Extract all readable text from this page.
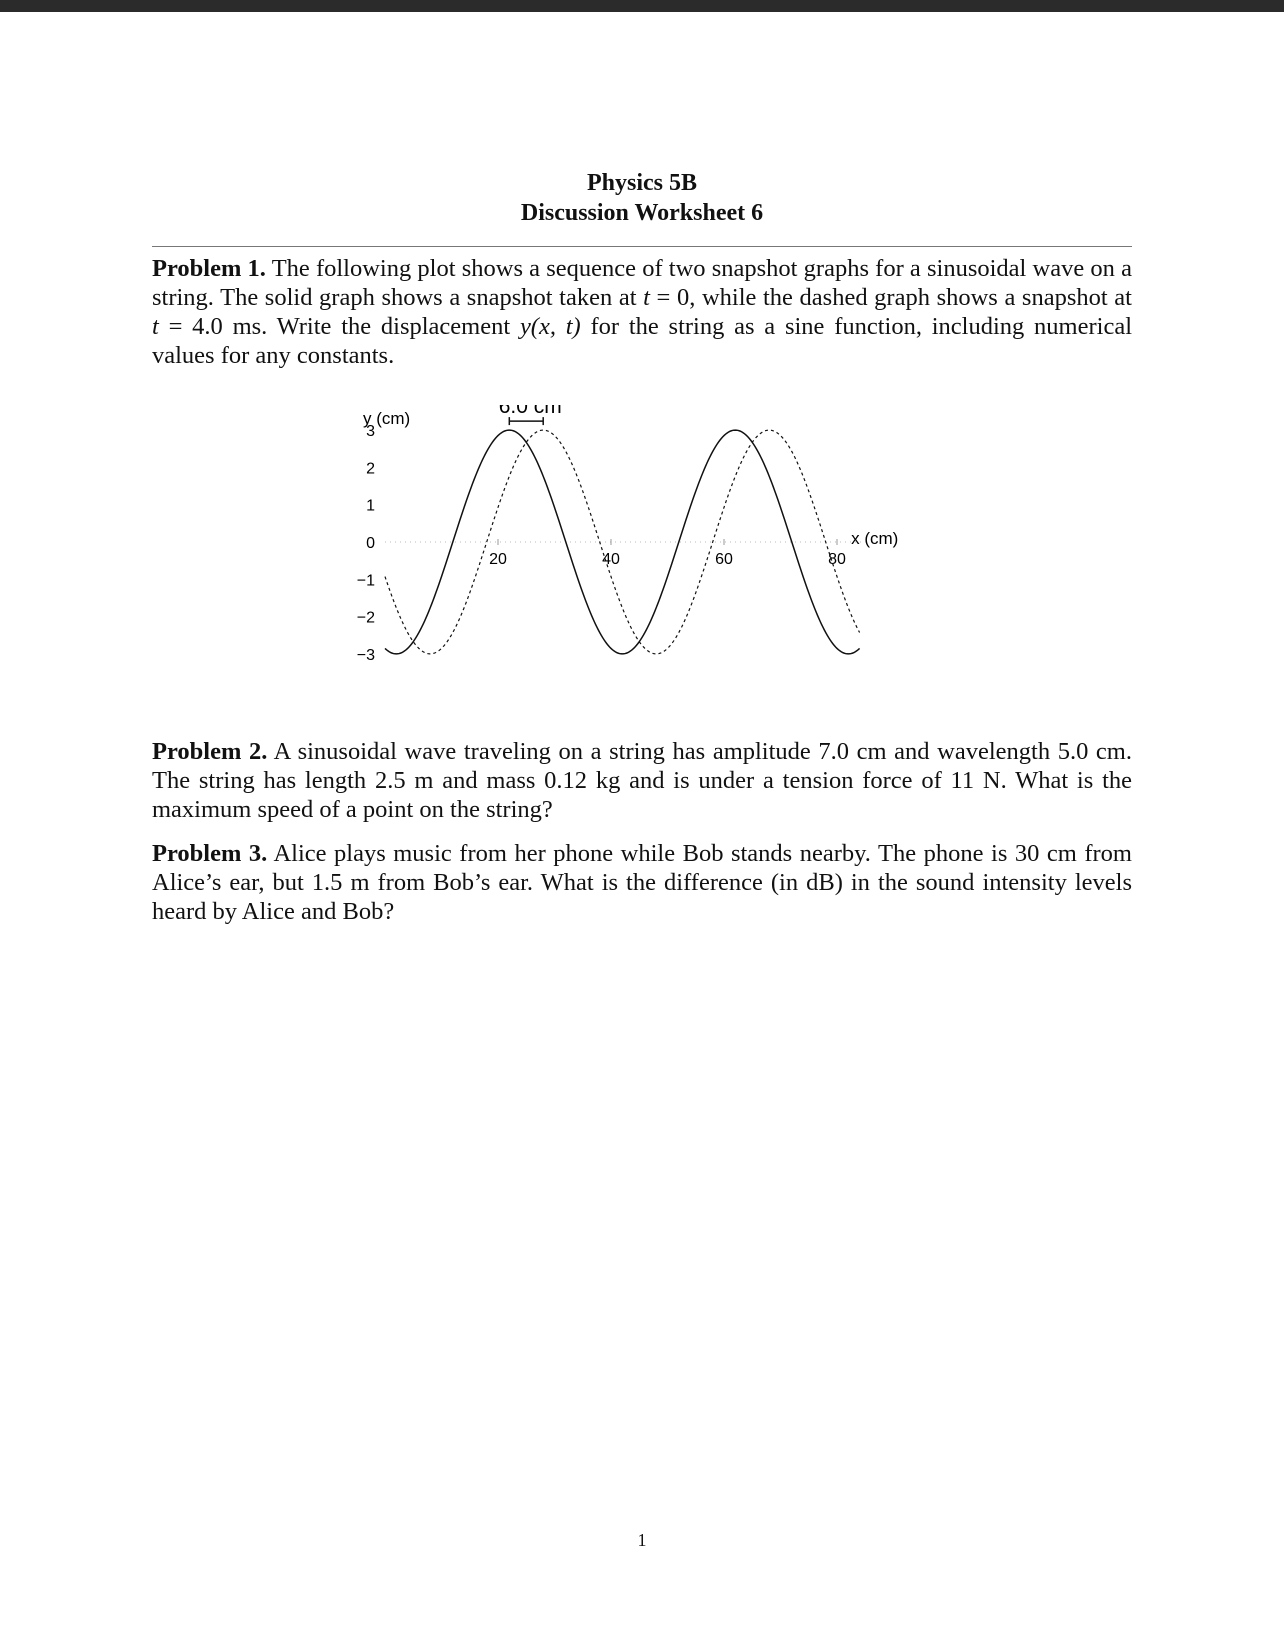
Physics 5B
Discussion Worksheet 6
Problem 1. The following plot shows a sequence of two snapshot graphs for a sinusoidal wave on a string. The solid graph shows a snapshot taken at t = 0, while the dashed graph shows a snapshot at t = 4.0 ms. Write the displacement y(x, t) for the string as a sine function, including numerical values for any constants.
3
2
1
0
−1
−2
−3
20	40	60	80
y (cm)
x (cm)
6.0 cm
Problem 2. A sinusoidal wave traveling on a string has amplitude 7.0 cm and wavelength 5.0 cm. The string has length 2.5 m and mass 0.12 kg and is under a tension force of 11 N. What is the maximum speed of a point on the string?
Problem 3. Alice plays music from her phone while Bob stands nearby. The phone is 30 cm from Alice’s ear, but 1.5 m from Bob’s ear. What is the difference (in dB) in the sound intensity levels heard by Alice and Bob?
1
